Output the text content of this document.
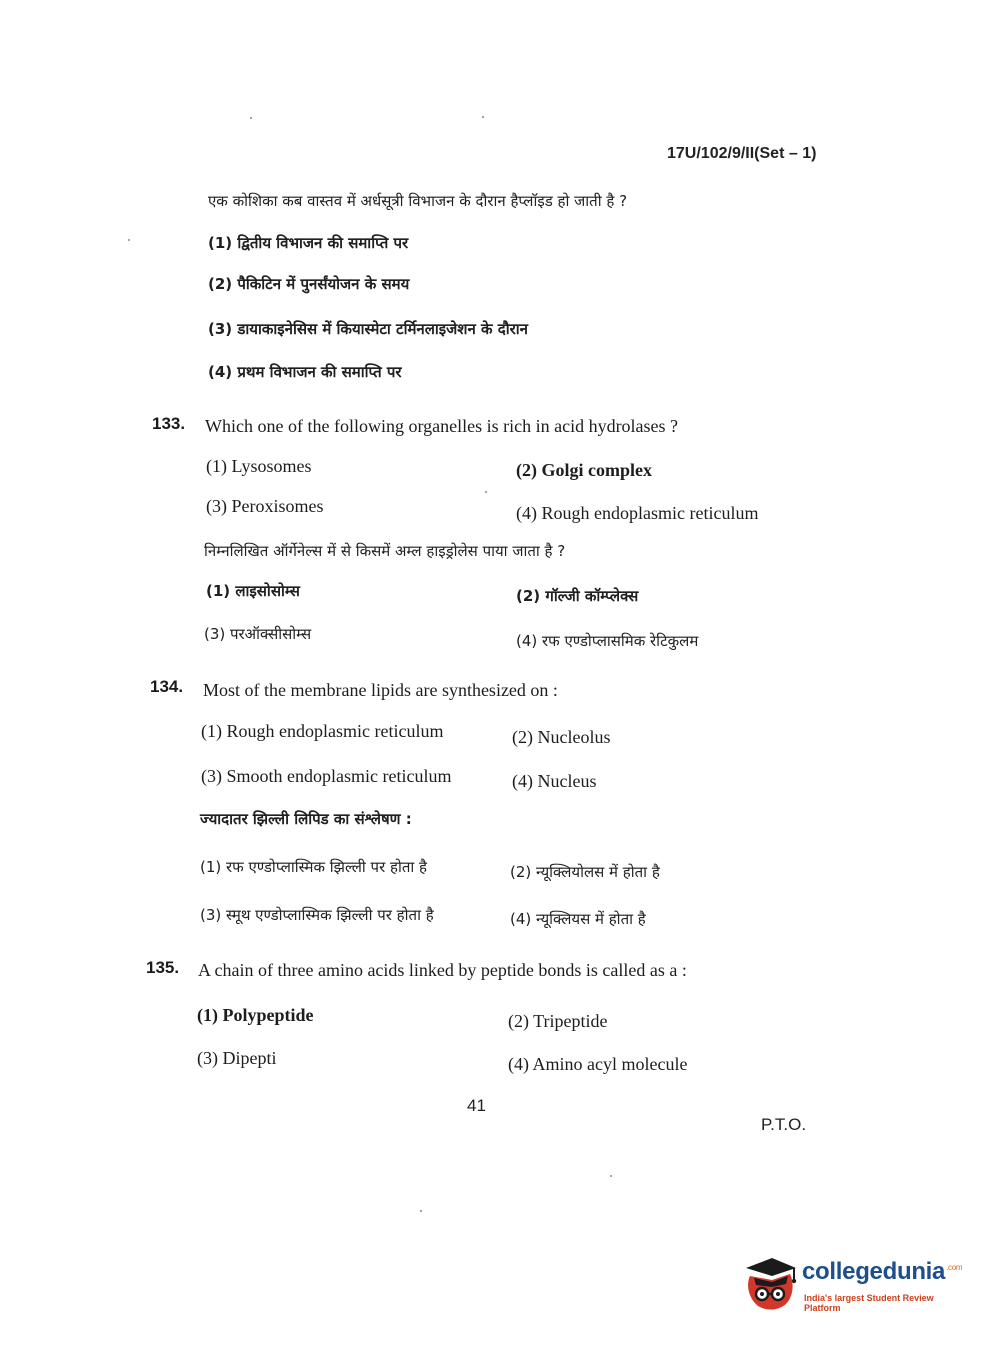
17U/102/9/II(Set – 1)
एक कोशिका कब वास्तव में अर्धसूत्री विभाजन के दौरान हैप्लॉइड हो जाती है ?
(1) द्वितीय विभाजन की समाप्ति पर
(2) पैकिटिन में पुनर्संयोजन के समय
(3) डायाकाइनेसिस में कियास्मेटा टर्मिनलाइजेशन के दौरान
(4) प्रथम विभाजन की समाप्ति पर
133. Which one of the following organelles is rich in acid hydrolases ?
(1) Lysosomes	(2) Golgi complex
(3) Peroxisomes	(4) Rough endoplasmic reticulum
निम्नलिखित ऑर्गेनेल्स में से किसमें अम्ल हाइड्रोलेस पाया जाता है ?
(1) लाइसोसोम्स	(2) गॉल्जी कॉम्प्लेक्स
(3) परऑक्सीसोम्स	(4) रफ एण्डोप्लासमिक रेटिकुलम
134. Most of the membrane lipids are synthesized on :
(1) Rough endoplasmic reticulum	(2) Nucleolus
(3) Smooth endoplasmic reticulum	(4) Nucleus
ज्यादातर झिल्ली लिपिड का संश्लेषण :
(1) रफ एण्डोप्लास्मिक झिल्ली पर होता है	(2) न्यूक्लियोलस में होता है
(3) स्मूथ एण्डोप्लास्मिक झिल्ली पर होता है	(4) न्यूक्लियस में होता है
135. A chain of three amino acids linked by peptide bonds is called as a :
(1) Polypeptide	(2) Tripeptide
(3) Dipepti	(4) Amino acyl molecule
41
P.T.O.
collegedunia$^{.com}$
India's largest Student Review Platform
